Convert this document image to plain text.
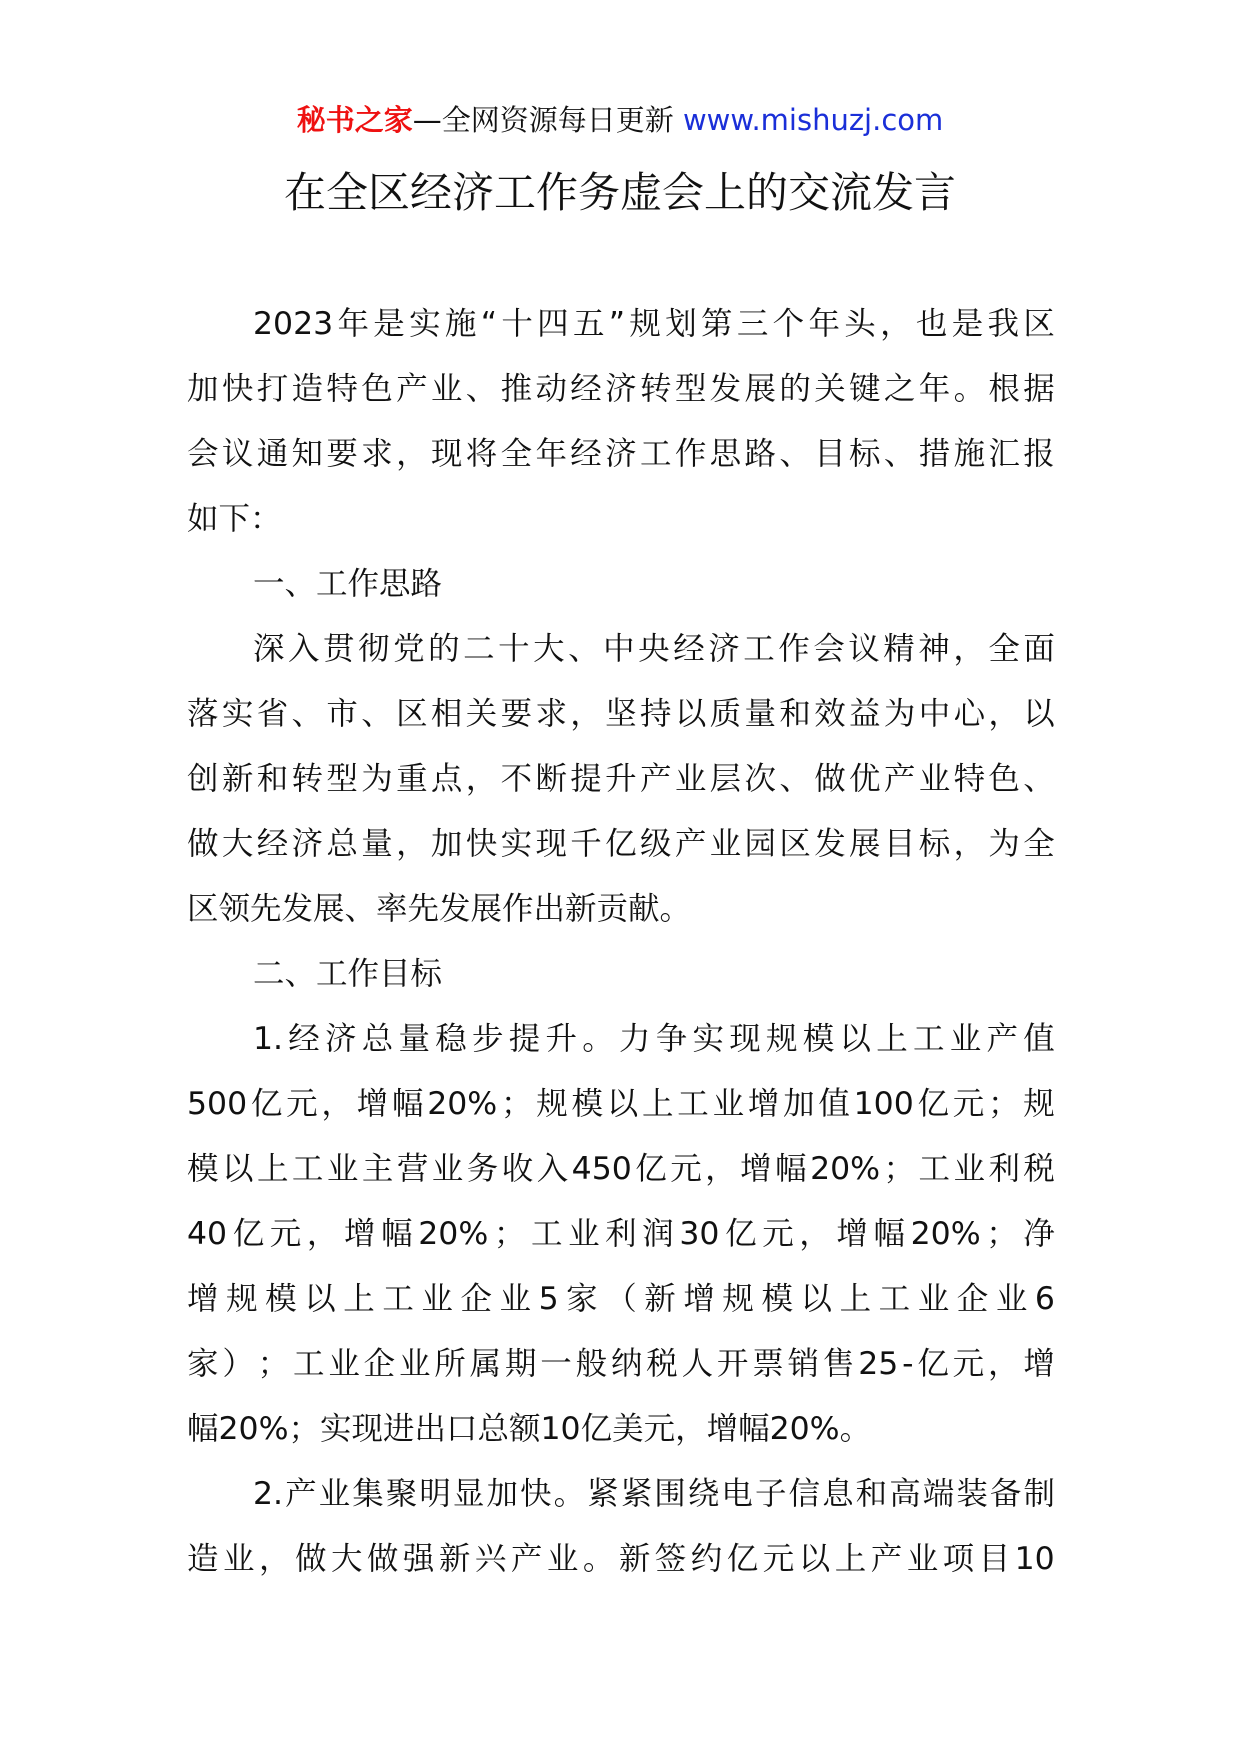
秘书之家—全网资源每日更新 www.mishuzj.com
在全区经济工作务虚会上的交流发言
2023 年 是 实 施 “ 十 四 五 ” 规 划 第 三 个 年 头 ， 也 是 我 区
加 快 打 造 特 色 产 业 、 推 动 经 济 转 型 发 展 的 关 键 之 年 。 根 据
会 议 通 知 要 求 ， 现 将 全 年 经 济 工 作 思 路 、 目 标 、 措 施 汇 报
如下：
一、工作思路
深 入 贯 彻 党 的 二 十 大 、 中 央 经 济 工 作 会 议 精 神 ， 全 面
落 实 省 、 市 、 区 相 关 要 求 ， 坚 持 以 质 量 和 效 益 为 中 心 ， 以
创 新 和 转 型 为 重 点 ， 不 断 提 升 产 业 层 次 、 做 优 产 业 特 色 、
做 大 经 济 总 量 ， 加 快 实 现 千 亿 级 产 业 园 区 发 展 目 标 ， 为 全
区领先发展、率先发展作出新贡献。
二、工作目标
1. 经 济 总 量 稳 步 提 升 。 力 争 实 现 规 模 以 上 工 业 产 值
500 亿 元 ， 增 幅 20% ； 规 模 以 上 工 业 增 加 值 100 亿 元 ； 规
模 以 上 工 业 主 营 业 务 收 入 450 亿 元 ， 增 幅 20% ； 工 业 利 税
40 亿 元 ， 增 幅 20% ； 工 业 利 润 30 亿 元 ， 增 幅 20% ； 净
增 规 模 以 上 工 业 企 业 5 家 （ 新 增 规 模 以 上 工 业 企 业 6
家 ） ； 工 业 企 业 所 属 期 一 般 纳 税 人 开 票 销 售 25 - 亿 元 ， 增
幅20%；实现进出口总额10亿美元，增幅20%。
2. 产 业 集 聚 明 显 加 快 。 紧 紧 围 绕 电 子 信 息 和 高 端 装 备 制
造 业 ， 做 大 做 强 新 兴 产 业 。 新 签 约 亿 元 以 上 产 业 项 目 10
